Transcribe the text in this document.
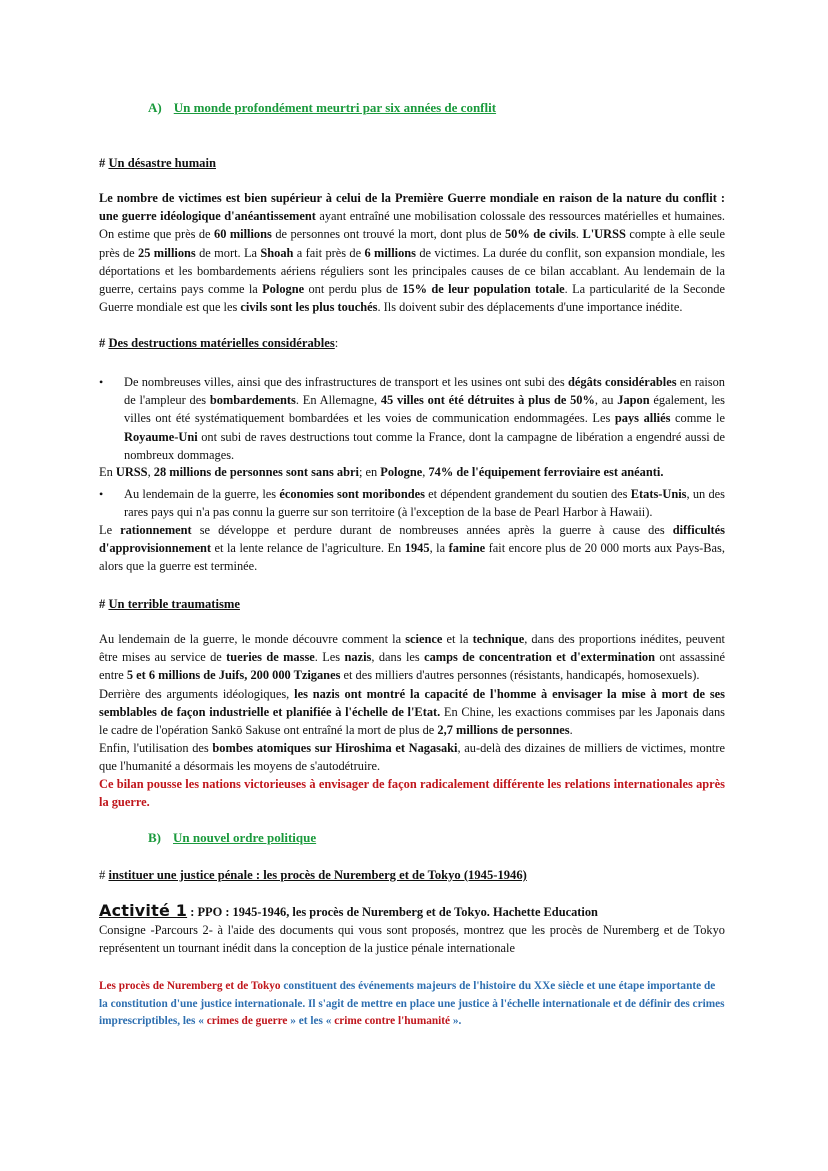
A) Un monde profondément meurtri par six années de conflit
# Un désastre humain
Le nombre de victimes est bien supérieur à celui de la Première Guerre mondiale en raison de la nature du conflit : une guerre idéologique d'anéantissement ayant entraîné une mobilisation colossale des ressources matérielles et humaines. On estime que près de 60 millions de personnes ont trouvé la mort, dont plus de 50% de civils. L'URSS compte à elle seule près de 25 millions de mort. La Shoah a fait près de 6 millions de victimes. La durée du conflit, son expansion mondiale, les déportations et les bombardements aériens réguliers sont les principales causes de ce bilan accablant. Au lendemain de la guerre, certains pays comme la Pologne ont perdu plus de 15% de leur population totale. La particularité de la Seconde Guerre mondiale est que les civils sont les plus touchés. Ils doivent subir des déplacements d'une importance inédite.
# Des destructions matérielles considérables:
• De nombreuses villes, ainsi que des infrastructures de transport et les usines ont subi des dégâts considérables en raison de l'ampleur des bombardements. En Allemagne, 45 villes ont été détruites à plus de 50%, au Japon également, les villes ont été systématiquement bombardées et les voies de communication endommagées. Les pays alliés comme le Royaume-Uni ont subi de raves destructions tout comme la France, dont la campagne de libération a engendré aussi de nombreux dommages.
En URSS, 28 millions de personnes sont sans abri; en Pologne, 74% de l'équipement ferroviaire est anéanti.
• Au lendemain de la guerre, les économies sont moribondes et dépendent grandement du soutien des Etats-Unis, un des rares pays qui n'a pas connu la guerre sur son territoire (à l'exception de la base de Pearl Harbor à Hawaii).
Le rationnement se développe et perdure durant de nombreuses années après la guerre à cause des difficultés d'approvisionnement et la lente relance de l'agriculture. En 1945, la famine fait encore plus de 20 000 morts aux Pays-Bas, alors que la guerre est terminée.
# Un terrible traumatisme
Au lendemain de la guerre, le monde découvre comment la science et la technique, dans des proportions inédites, peuvent être mises au service de tueries de masse. Les nazis, dans les camps de concentration et d'extermination ont assassiné entre 5 et 6 millions de Juifs, 200 000 Tziganes et des milliers d'autres personnes (résistants, handicapés, homosexuels).
Derrière des arguments idéologiques, les nazis ont montré la capacité de l'homme à envisager la mise à mort de ses semblables de façon industrielle et planifiée à l'échelle de l'Etat. En Chine, les exactions commises par les Japonais dans le cadre de l'opération Sankō Sakuse ont entraîné la mort de plus de 2,7 millions de personnes.
Enfin, l'utilisation des bombes atomiques sur Hiroshima et Nagasaki, au-delà des dizaines de milliers de victimes, montre que l'humanité a désormais les moyens de s'autodétruire.
Ce bilan pousse les nations victorieuses à envisager de façon radicalement différente les relations internationales après la guerre.
B) Un nouvel ordre politique
# instituer une justice pénale : les procès de Nuremberg et de Tokyo (1945-1946)
Activité 1 : PPO : 1945-1946, les procès de Nuremberg et de Tokyo. Hachette Education
Consigne -Parcours 2- à l'aide des documents qui vous sont proposés, montrez que les procès de Nuremberg et de Tokyo représentent un tournant inédit dans la conception de la justice pénale internationale
Les procès de Nuremberg et de Tokyo constituent des événements majeurs de l'histoire du XXe siècle et une étape importante de la constitution d'une justice internationale. Il s'agit de mettre en place une justice à l'échelle internationale et de définir des crimes imprescriptibles, les « crimes de guerre » et les « crime contre l'humanité ».
